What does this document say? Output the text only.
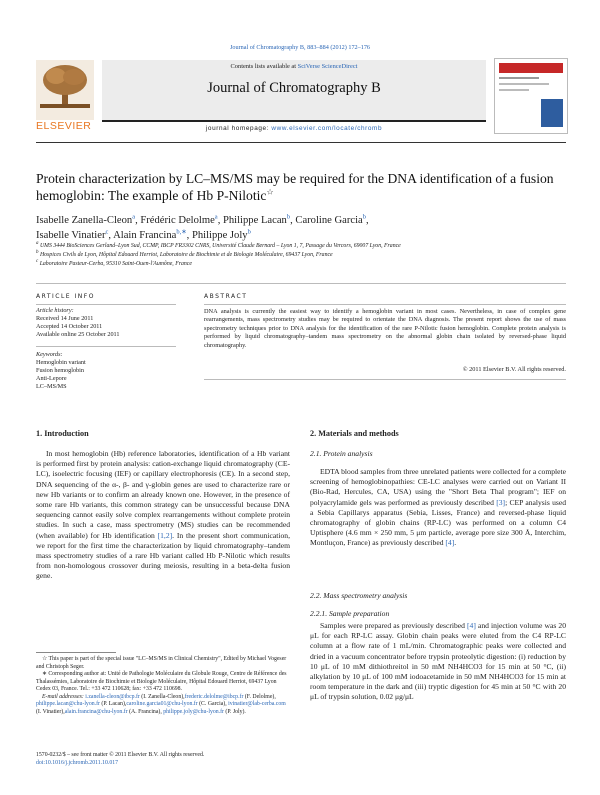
Journal of Chromatography B, 883–884 (2012) 172–176
ELSEVIER
Contents lists available at SciVerse ScienceDirect
Journal of Chromatography B
journal homepage: www.elsevier.com/locate/chromb
Protein characterization by LC–MS/MS may be required for the DNA identification of a fusion hemoglobin: The example of Hb P-Nilotic☆
Isabelle Zanella-Cleon$^a$, Frédéric Delolme$^a$, Philippe Lacan$^b$, Caroline Garcia$^b$,
Isabelle Vinatier$^c$, Alain Francina$^{b,∗}$, Philippe Joly$^b$
$^a$ UMS 3444 BioSciences Gerland–Lyon Sud, CCMP, IBCP FR3302 CNRS, Université Claude Bernard – Lyon 1, 7, Passage du Vercors, 69007 Lyon, France
$^b$ Hospices Civils de Lyon, Hôpital Edouard Herriot, Laboratoire de Biochimie et de Biologie Moléculaire, 69437 Lyon, France
$^c$ Laboratoire Pasteur-Cerba, 95310 Saint-Ouen-l'Aumône, France
ARTICLE INFO
Article history:
Received 14 June 2011
Accepted 14 October 2011
Available online 25 October 2011
Keywords:
Hemoglobin variant
Fusion hemoglobin
Anti-Lepore
LC–MS/MS
ABSTRACT
DNA analysis is currently the easiest way to identify a hemoglobin variant in most cases. Nevertheless, in case of complex gene rearrangements, mass spectrometry studies may be required to orientate the DNA diagnosis. The present report shows the use of mass spectrometry techniques prior to DNA analysis for the identification of the rare P-Nilotic fusion hemoglobin. Complete protein analysis is performed by liquid chromatography–tandem mass spectrometry on the abnormal globin chain isolated by reversed-phase liquid chromatography.
© 2011 Elsevier B.V. All rights reserved.
1. Introduction

In most hemoglobin (Hb) reference laboratories, identification of a Hb variant is performed first by protein analysis: cation-exchange liquid chromatography (CE-LC), isoelectric focusing (IEF) or capillary electrophoresis (CE). In a second step, DNA sequencing of the α-, β- and γ-globin genes are used to characterize rare or new Hb variants or to confirm an already known one. However, in the presence of some rare Hb variants, this common strategy can be unsuccessful because DNA sequencing cannot easily solve complex rearrangements without complete protein studies. In such a case, mass spectrometry (MS) studies can be recommended (when available) for Hb identification [1,2]. In the present short communication, we report for the first time the characterization by liquid chromatography–tandem mass spectrometry studies of a rare Hb variant called Hb P-Nilotic which results from non-homologous crossover during meiosis, resulting in a beta-delta fusion gene.

☆ This paper is part of the special issue "LC–MS/MS in Clinical Chemistry", Edited by Michael Vogeser and Christoph Seger.
∗ Corresponding author at: Unité de Pathologie Moléculaire du Globule Rouge, Centre de Référence des Thalassémies, Laboratoire de Biochimie et Biologie Moléculaire, Hôpital Edouard Herriot, 69437 Lyon Cedex 03, France. Tel.: +33 472 110628; fax: +33 472 110698.
E-mail addresses: i.zanella-cleon@ibcp.fr (I. Zanella-Cleon),frederic.delolme@ibcp.fr (F. Delolme), philippe.lacan@chu-lyon.fr (P. Lacan),caroline.garcia01@chu-lyon.fr (C. Garcia), ivinatier@lab-cerba.com (I. Vinatier),alain.francina@chu-lyon.fr (A. Francina), philippe.joly@chu-lyon.fr (P. Joly).
1570-0232/$ – see front matter © 2011 Elsevier B.V. All rights reserved.
doi:10.1016/j.jchromb.2011.10.017
2. Materials and methods
2.1. Protein analysis

EDTA blood samples from three unrelated patients were collected for a complete screening of hemoglobinopathies: CE-LC analyses were carried out on Variant II (Bio-Rad, Hercules, CA, USA) using the "Short Beta Thal program"; IEF on polyacrylamide gels was performed as previously described [3]; CEP analysis used a Sebia Capillarys apparatus (Sebia, Lisses, France) and reversed-phase liquid chromatography of globin chains (RP-LC) was performed on a column C4 Uptisphere (4.6 mm × 250 mm, 5 μm particle, average pore size 300 Å, Interchim, Montluçon, France) as previously described [4].

2.2. Mass spectrometry analysis
2.2.1. Sample preparation

Samples were prepared as previously described [4] and injection volume was 20 μL for each RP-LC assay. Globin chain peaks were eluted from the C4 RP-LC column at a flow rate of 1 mL/min. Chromatographic peaks were collected and dried in a vacuum concentrator before trypsin proteolytic digestion: (i) reduction by 10 μL of 10 mM dithiothreitol in 50 mM NH4HCO3 for 15 min at 50 °C, (ii) alkylation by 10 μL of 100 mM iodoacetamide in 50 mM NH4HCO3 for 15 min at room temperature in the dark and (iii) tryptic digestion for 45 min at 50 °C with 20 μL of trypsin solution, 0.02 μg/μL
